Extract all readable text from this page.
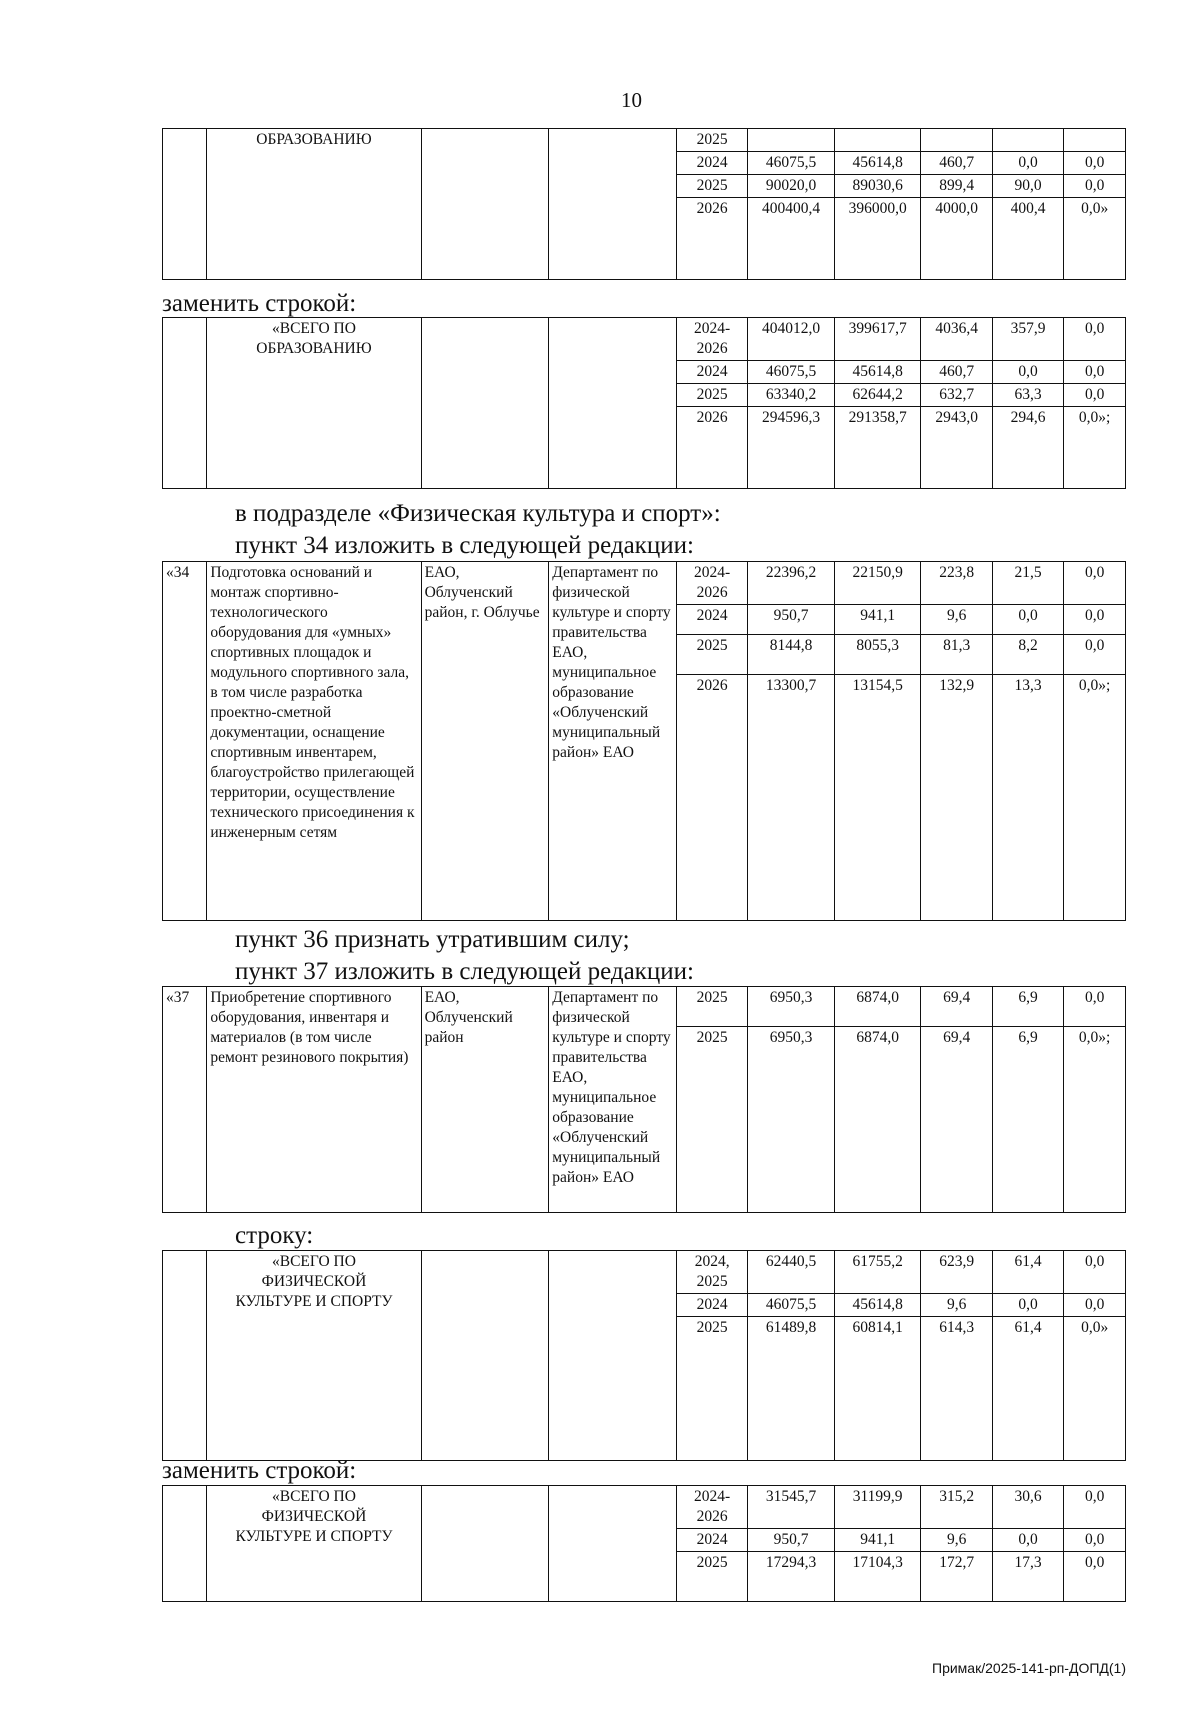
10
	ОБРАЗОВАНИЮ			2025					
				2024	46075,5	45614,8	460,7	0,0	0,0
				2025	90020,0	89030,6	899,4	90,0	0,0
				2026	400400,4	396000,0	4000,0	400,4	0,0»
заменить строкой:

	«ВСЕГО ПО
ОБРАЗОВАНИЮ			2024-2026	404012,0	399617,7	4036,4	357,9	0,0
				2024	46075,5	45614,8	460,7	0,0	0,0
				2025	63340,2	62644,2	632,7	63,3	0,0
				2026	294596,3	291358,7	2943,0	294,6	0,0»;
в подразделе «Физическая культура и спорт»:
пункт 34 изложить в следующей редакции:
«34	Подготовка оснований и монтаж спортивно-технологического оборудования для «умных» спортивных площадок и модульного спортивного зала, в том числе разработка проектно-сметной документации, оснащение спортивным инвентарем, благоустройство прилегающей территории, осуществление технического присоединения к инженерным сетям	ЕАО, Облученский район, г. Облучье	Департамент по физической культуре и спорту правительства ЕАО, муниципальное образование «Облученский муниципальный район» ЕАО	2024-2026	22396,2	22150,9	223,8	21,5	0,0
				2024	950,7	941,1	9,6	0,0	0,0
				2025	8144,8	8055,3	81,3	8,2	0,0
				2026	13300,7	13154,5	132,9	13,3	0,0»;
пункт 36 признать утратившим силу;
пункт 37 изложить в следующей редакции:
«37	Приобретение спортивного оборудования, инвентаря и материалов (в том числе ремонт резинового покрытия)	ЕАО, Облученский район	Департамент по физической культуре и спорту правительства ЕАО, муниципальное образование «Облученский муниципальный район» ЕАО	2025	6950,3	6874,0	69,4	6,9	0,0
				2025	6950,3	6874,0	69,4	6,9	0,0»;
строку:

	«ВСЕГО ПО
ФИЗИЧЕСКОЙ
КУЛЬТУРЕ И СПОРТУ			2024, 2025	62440,5	61755,2	623,9	61,4	0,0
				2024	46075,5	45614,8	9,6	0,0	0,0
				2025	61489,8	60814,1	614,3	61,4	0,0»
заменить строкой:

	«ВСЕГО ПО
ФИЗИЧЕСКОЙ
КУЛЬТУРЕ И СПОРТУ			2024-2026	31545,7	31199,9	315,2	30,6	0,0
				2024	950,7	941,1	9,6	0,0	0,0
				2025	17294,3	17104,3	172,7	17,3	0,0
Примак/2025-141-рп-ДОПД(1)
